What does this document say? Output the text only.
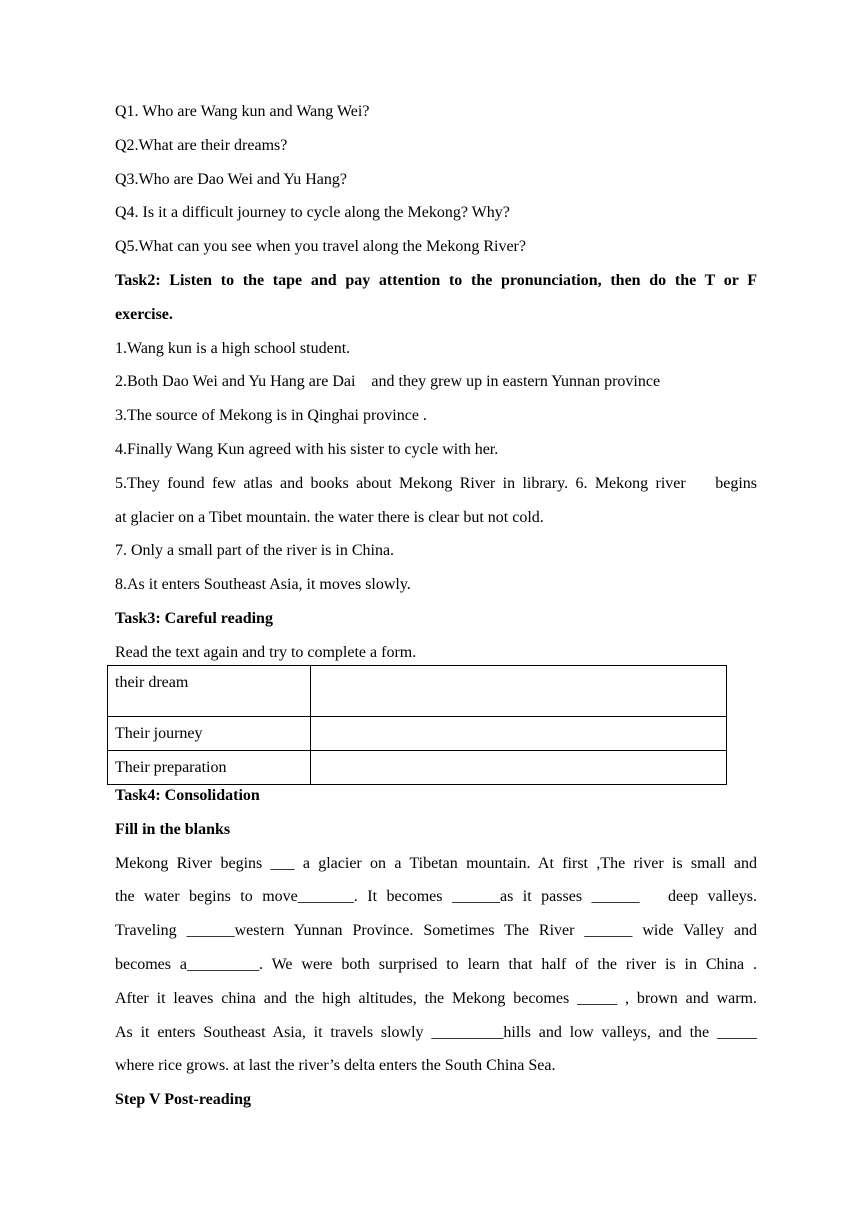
Q1. Who are Wang kun and Wang Wei?
Q2.What are their dreams?
Q3.Who are Dao Wei and Yu Hang?
Q4. Is it a difficult journey to cycle along the Mekong? Why?
Q5.What can you see when you travel along the Mekong River?
Task2: Listen to the tape and pay attention to the pronunciation, then do the T or F
exercise.
1.Wang kun is a high school student.
2.Both Dao Wei and Yu Hang are Dai    and they grew up in eastern Yunnan province
3.The source of Mekong is in Qinghai province .
4.Finally Wang Kun agreed with his sister to cycle with her.
5.They found few atlas and books about Mekong River in library. 6. Mekong river    begins
at glacier on a Tibet mountain. the water there is clear but not cold.
7. Only a small part of the river is in China.
8.As it enters Southeast Asia, it moves slowly.
Task3: Careful reading
Read the text again and try to complete a form.
their dream	
Their journey	
Their preparation	
Task4: Consolidation
Fill in the blanks
Mekong River begins ___ a glacier on a Tibetan mountain. At first ,The river is small and
the water begins to move_______. It becomes ______as it passes ______   deep valleys.
Traveling ______western Yunnan Province. Sometimes The River ______ wide Valley and
becomes a_________. We were both surprised to learn that half of the river is in China .
After it leaves china and the high altitudes, the Mekong becomes _____ , brown and warm.
As it enters Southeast Asia, it travels slowly _________hills and low valleys, and the _____
where rice grows. at last the river’s delta enters the South China Sea.
Step V Post-reading
